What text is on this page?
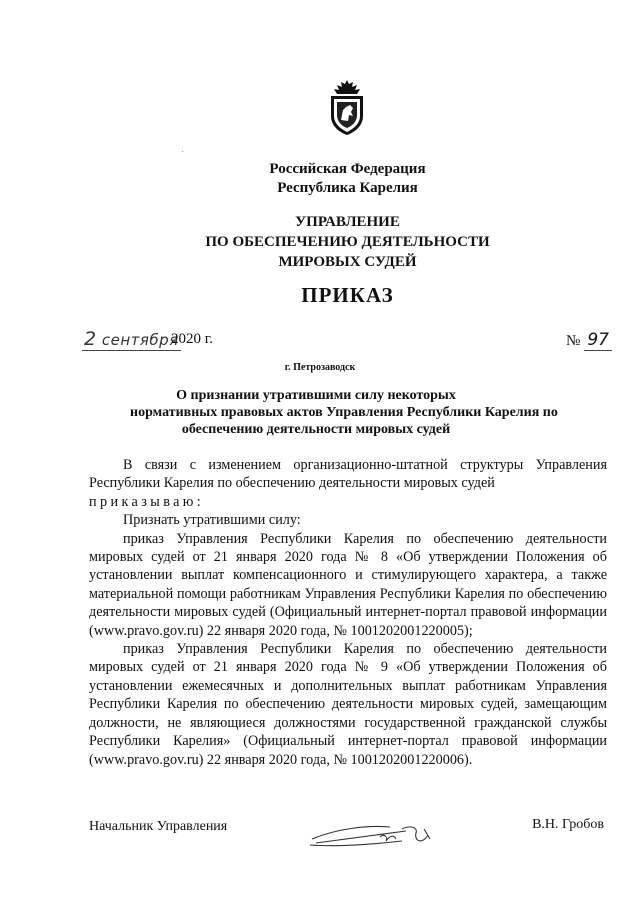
˙
Российская Федерация
Республика Карелия
УПРАВЛЕНИЕ
ПО ОБЕСПЕЧЕНИЮ ДЕЯТЕЛЬНОСТИ
МИРОВЫХ СУДЕЙ
ПРИКАЗ
2 сентября
2020 г.	№ 97
г. Петрозаводск
О признании утратившими силу некоторых
нормативных правовых актов Управления Республики Карелия по
обеспечению деятельности мировых судей

В связи с изменением организационно-штатной структуры Управления Республики Карелия по обеспечению деятельности мировых судей

приказываю:

Признать утратившими силу:

приказ Управления Республики Карелия по обеспечению деятельности мировых судей от 21 января 2020 года № 8 «Об утверждении Положения об установлении выплат компенсационного и стимулирующего характера, а также материальной помощи работникам Управления Республики Карелия по обеспечению деятельности мировых судей (Официальный интернет-портал правовой информации (www.pravo.gov.ru) 22 января 2020 года, № 1001202001220005);

приказ Управления Республики Карелия по обеспечению деятельности мировых судей от 21 января 2020 года № 9 «Об утверждении Положения об установлении ежемесячных и дополнительных выплат работникам Управления Республики Карелия по обеспечению деятельности мировых судей, замещающим должности, не являющиеся должностями государственной гражданской службы Республики Карелия» (Официальный интернет-портал правовой информации (www.pravo.gov.ru) 22 января 2020 года, № 1001202001220006).

Начальник Управления	В.Н. Гробов
